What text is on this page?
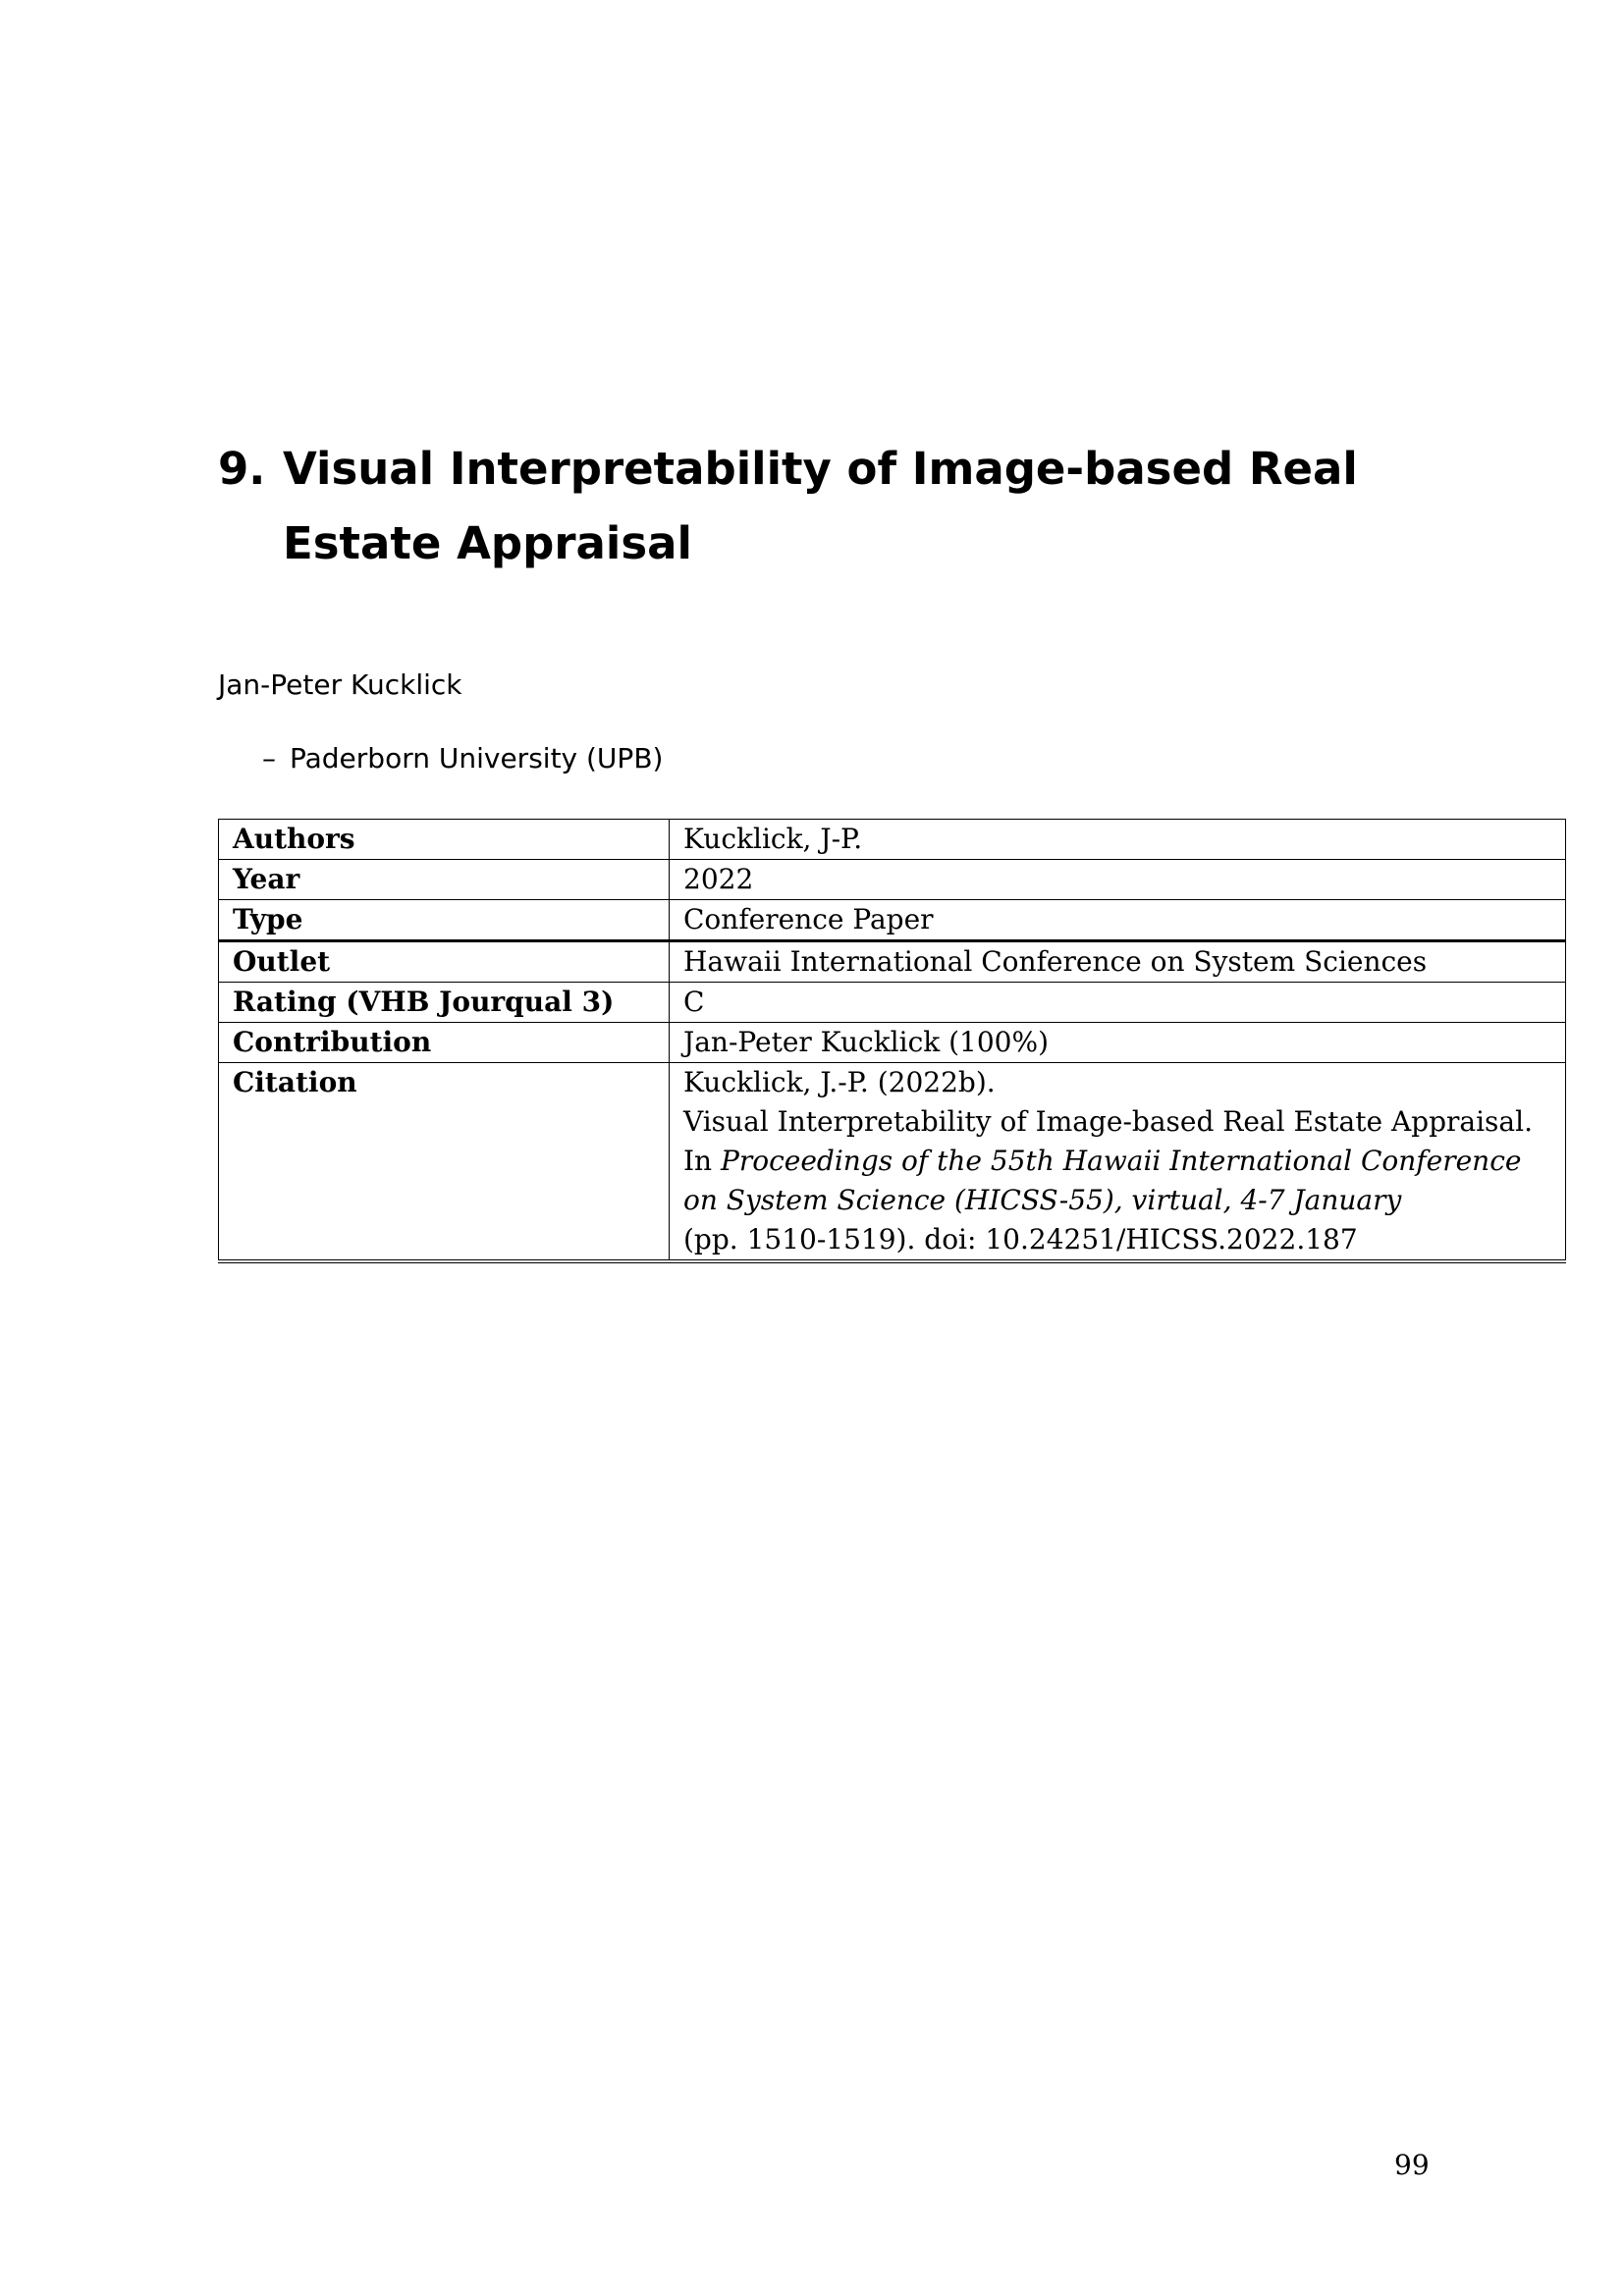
9. Visual Interpretability of Image-based Real Estate Appraisal

Jan-Peter Kucklick

– Paderborn University (UPB)

Authors	Kucklick, J-P.
Year	2022
Type	Conference Paper
Outlet	Hawaii International Conference on System Sciences
Rating (VHB Jourqual 3)	C
Contribution	Jan-Peter Kucklick (100%)
Citation	Kucklick, J.-P. (2022b).
Visual Interpretability of Image-based Real Estate Appraisal.
In Proceedings of the 55th Hawaii International Conference
on System Science (HICSS-55), virtual, 4-7 January
(pp. 1510-1519). doi: 10.24251/HICSS.2022.187

99
